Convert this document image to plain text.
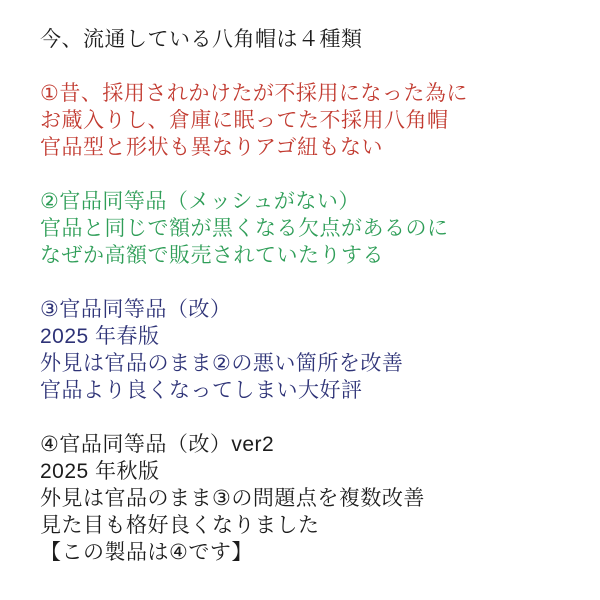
今、流通している八角帽は４種類
①昔、採用されかけたが不採用になった為に
お蔵入りし、倉庫に眠ってた不採用八角帽
官品型と形状も異なりアゴ紐もない
②官品同等品（メッシュがない）
官品と同じで額が黒くなる欠点があるのに
なぜか高額で販売されていたりする
③官品同等品（改）
2025 年春版
外見は官品のまま②の悪い箇所を改善
官品より良くなってしまい大好評
④官品同等品（改）ver2
2025 年秋版
外見は官品のまま③の問題点を複数改善
見た目も格好良くなりました
【この製品は④です】
